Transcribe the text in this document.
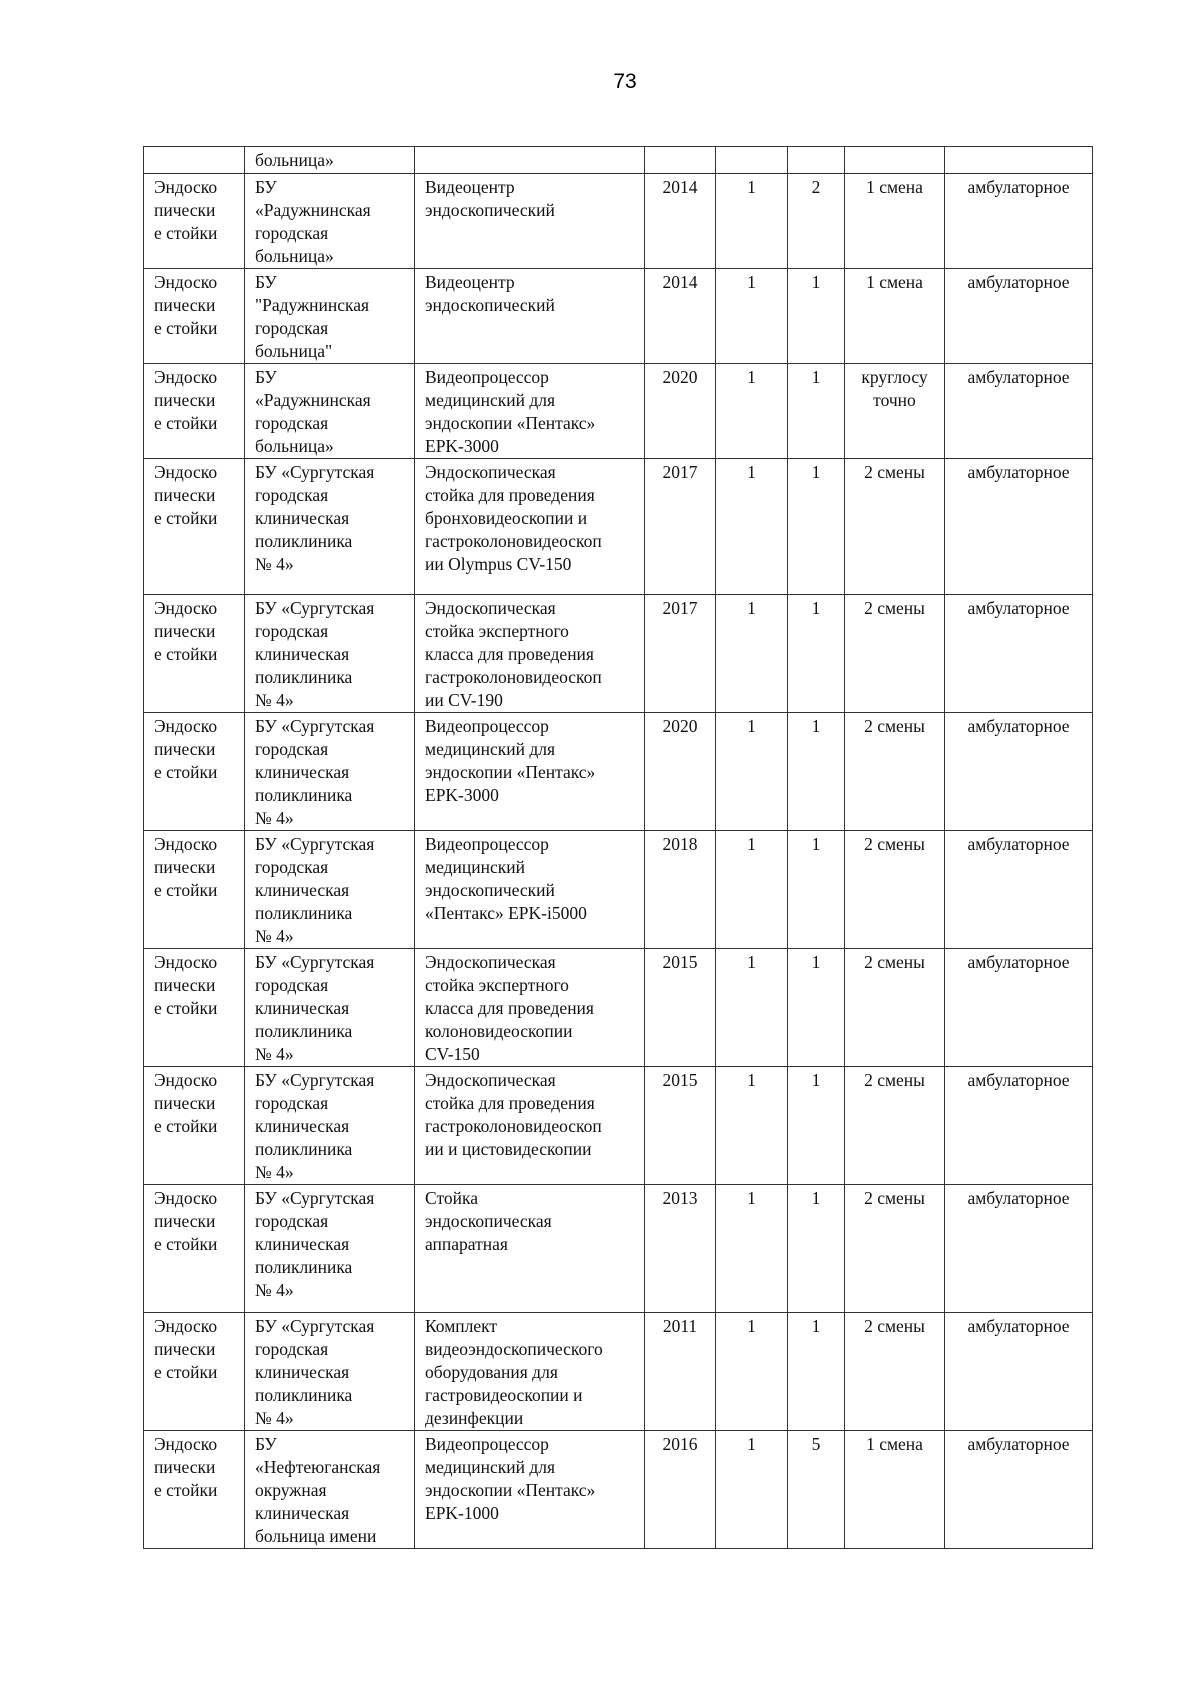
73
	больница»						
Эндоско
пически
е стойки	БУ
«Радужнинская
городская
больница»	Видеоцентр
эндоскопический	2014	1	2	1 смена	амбулаторное
Эндоско
пически
е стойки	БУ
"Радужнинская
городская
больница"	Видеоцентр
эндоскопический	2014	1	1	1 смена	амбулаторное
Эндоско
пически
е стойки	БУ
«Радужнинская
городская
больница»	Видеопроцессор
медицинский для
эндоскопии «Пентакс»
EPK-3000	2020	1	1	круглосу
точно	амбулаторное
Эндоско
пически
е стойки	БУ «Сургутская
городская
клиническая
поликлиника
№ 4»	Эндоскопическая
стойка для проведения
бронховидеоскопии и
гастроколоновидеоскоп
ии Olympus CV-150	2017	1	1	2 смены	амбулаторное
Эндоско
пически
е стойки	БУ «Сургутская
городская
клиническая
поликлиника
№ 4»	Эндоскопическая
стойка экспертного
класса для проведения
гастроколоновидеоскоп
ии CV-190	2017	1	1	2 смены	амбулаторное
Эндоско
пически
е стойки	БУ «Сургутская
городская
клиническая
поликлиника
№ 4»	Видеопроцессор
медицинский для
эндоскопии «Пентакс»
EPK-3000	2020	1	1	2 смены	амбулаторное
Эндоско
пически
е стойки	БУ «Сургутская
городская
клиническая
поликлиника
№ 4»	Видеопроцессор
медицинский
эндоскопический
«Пентакс» EPK-i5000	2018	1	1	2 смены	амбулаторное
Эндоско
пически
е стойки	БУ «Сургутская
городская
клиническая
поликлиника
№ 4»	Эндоскопическая
стойка экспертного
класса для проведения
колоновидеоскопии
CV-150	2015	1	1	2 смены	амбулаторное
Эндоско
пически
е стойки	БУ «Сургутская
городская
клиническая
поликлиника
№ 4»	Эндоскопическая
стойка для проведения
гастроколоновидеоскоп
ии и цистовидескопии	2015	1	1	2 смены	амбулаторное
Эндоско
пически
е стойки	БУ «Сургутская
городская
клиническая
поликлиника
№ 4»	Стойка
эндоскопическая
аппаратная	2013	1	1	2 смены	амбулаторное
Эндоско
пически
е стойки	БУ «Сургутская
городская
клиническая
поликлиника
№ 4»	Комплект
видеоэндоскопического
оборудования для
гастровидеоскопии и
дезинфекции	2011	1	1	2 смены	амбулаторное
Эндоско
пически
е стойки	БУ
«Нефтеюганская
окружная
клиническая
больница имени	Видеопроцессор
медицинский для
эндоскопии «Пентакс»
EPK-1000	2016	1	5	1 смена	амбулаторное
